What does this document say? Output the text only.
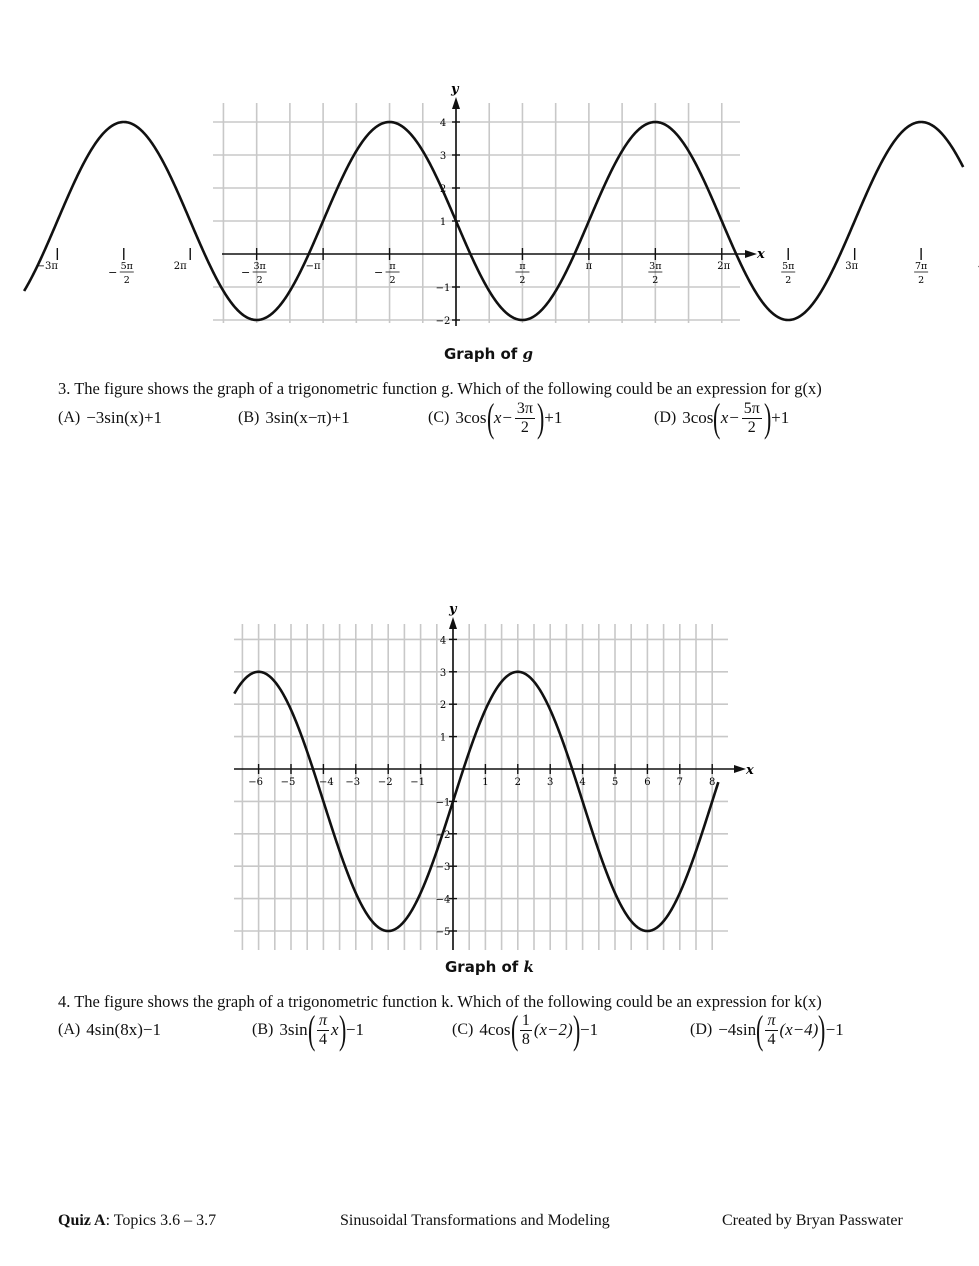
4
3
2
1
−1
−2
−3π	− 5π
2
2π	− 3π
2
−π	− π
2
π
2
π	3π
2
2π	5π
2
3π	7π
2
y
x
Graph of g
3. The figure shows the graph of a trigonometric function g. Which of the following could be an expression for g(x)
(A) −3sin(x)+1	(B) 3sin(x−π)+1	(C) 3cos ( $x- \frac{3\pi}{2}$ ) +1	(D) 3cos ( $x- \frac{5\pi}{2}$ ) +1
4
3
2
1
−1
−2
−3
−4
−5
−6 −5 −4 −3 −2 −1	1	2	3	4	5	6	7	8
y
x
Graph of k
4. The figure shows the graph of a trigonometric function k. Which of the following could be an expression for k(x)
(A) 4sin(8x)−1	(B) 3sin ( $\frac{\pi}{4}$ x ) −1	(C) 4cos ( $\frac{1}{8} (x-2)$ ) −1	(D) −4sin ( $\frac{\pi}{4} (x-4)$ ) −1
Quiz A: Topics 3.6 – 3.7	Sinusoidal Transformations and Modeling	Created by Bryan Passwater
